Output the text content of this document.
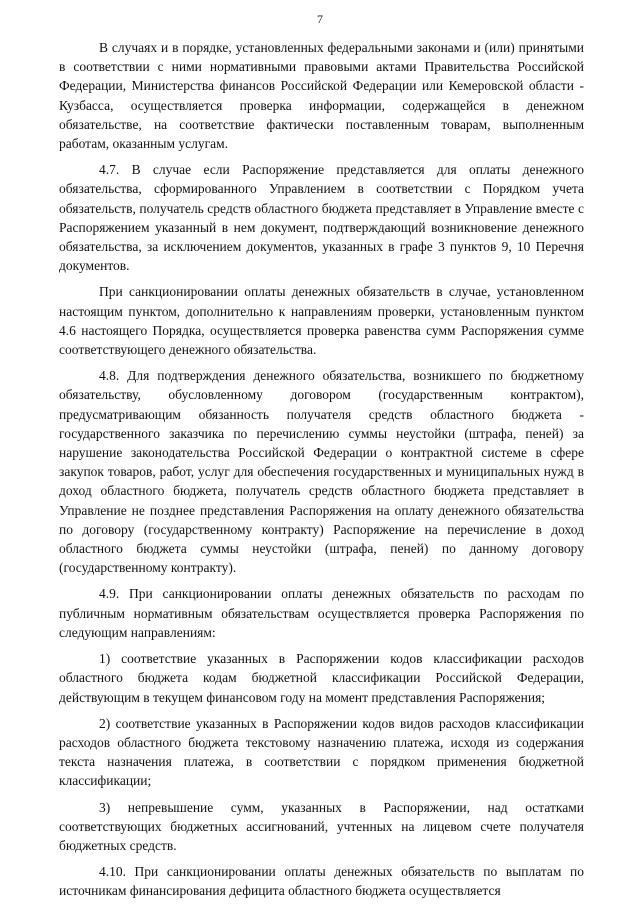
7

В случаях и в порядке, установленных федеральными законами и (или) принятыми в соответствии с ними нормативными правовыми актами Правительства Российской Федерации, Министерства финансов Российской Федерации или Кемеровской области - Кузбасса, осуществляется проверка информации, содержащейся в денежном обязательстве, на соответствие фактически поставленным товарам, выполненным работам, оказанным услугам.

4.7. В случае если Распоряжение представляется для оплаты денежного обязательства, сформированного Управлением в соответствии с Порядком учета обязательств, получатель средств областного бюджета представляет в Управление вместе с Распоряжением указанный в нем документ, подтверждающий возникновение денежного обязательства, за исключением документов, указанных в графе 3 пунктов 9, 10 Перечня документов.

При санкционировании оплаты денежных обязательств в случае, установленном настоящим пунктом, дополнительно к направлениям проверки, установленным пунктом 4.6 настоящего Порядка, осуществляется проверка равенства сумм Распоряжения сумме соответствующего денежного обязательства.

4.8. Для подтверждения денежного обязательства, возникшего по бюджетному обязательству, обусловленному договором (государственным контрактом), предусматривающим обязанность получателя средств областного бюджета - государственного заказчика по перечислению суммы неустойки (штрафа, пеней) за нарушение законодательства Российской Федерации о контрактной системе в сфере закупок товаров, работ, услуг для обеспечения государственных и муниципальных нужд в доход областного бюджета, получатель средств областного бюджета представляет в Управление не позднее представления Распоряжения на оплату денежного обязательства по договору (государственному контракту) Распоряжение на перечисление в доход областного бюджета суммы неустойки (штрафа, пеней) по данному договору (государственному контракту).

4.9. При санкционировании оплаты денежных обязательств по расходам по публичным нормативным обязательствам осуществляется проверка Распоряжения по следующим направлениям:

1) соответствие указанных в Распоряжении кодов классификации расходов областного бюджета кодам бюджетной классификации Российской Федерации, действующим в текущем финансовом году на момент представления Распоряжения;

2) соответствие указанных в Распоряжении кодов видов расходов классификации расходов областного бюджета текстовому назначению платежа, исходя из содержания текста назначения платежа, в соответствии с порядком применения бюджетной классификации;

3) непревышение сумм, указанных в Распоряжении, над остатками соответствующих бюджетных ассигнований, учтенных на лицевом счете получателя бюджетных средств.

4.10. При санкционировании оплаты денежных обязательств по выплатам по источникам финансирования дефицита областного бюджета осуществляется
